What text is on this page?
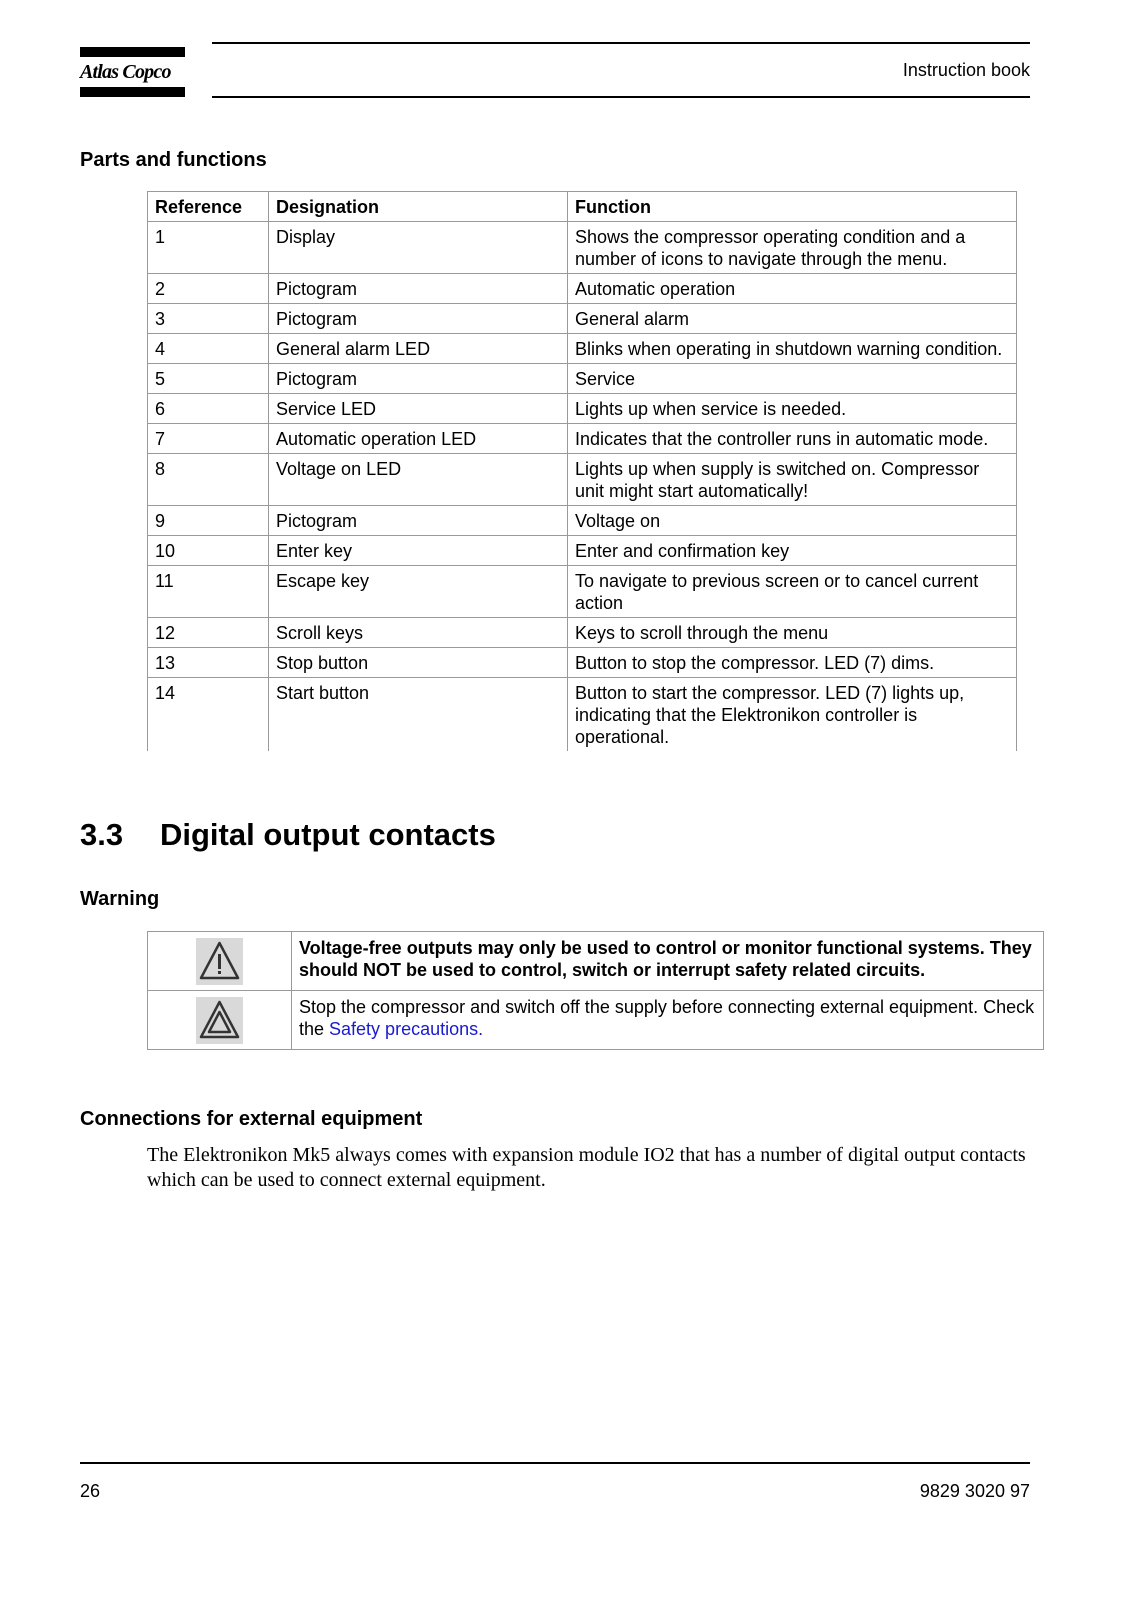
Atlas Copco	Instruction book
Parts and functions
Reference	Designation	Function
1	Display	Shows the compressor operating condition and a number of icons to navigate through the menu.
2	Pictogram	Automatic operation
3	Pictogram	General alarm
4	General alarm LED	Blinks when operating in shutdown warning condition.
5	Pictogram	Service
6	Service LED	Lights up when service is needed.
7	Automatic operation LED	Indicates that the controller runs in automatic mode.
8	Voltage on LED	Lights up when supply is switched on. Compressor unit might start automatically!
9	Pictogram	Voltage on
10	Enter key	Enter and confirmation key
11	Escape key	To navigate to previous screen or to cancel current action
12	Scroll keys	Keys to scroll through the menu
13	Stop button	Button to stop the compressor. LED (7) dims.
14	Start button	Button to start the compressor. LED (7) lights up, indicating that the Elektronikon controller is operational.
3.3 Digital output contacts
Warning
	Voltage-free outputs may only be used to control or monitor functional systems. They should NOT be used to control, switch or interrupt safety related circuits.
	Stop the compressor and switch off the supply before connecting external equipment. Check the Safety precautions.
Connections for external equipment
The Elektronikon Mk5 always comes with expansion module IO2 that has a number of digital output contacts which can be used to connect external equipment.
26	9829 3020 97
